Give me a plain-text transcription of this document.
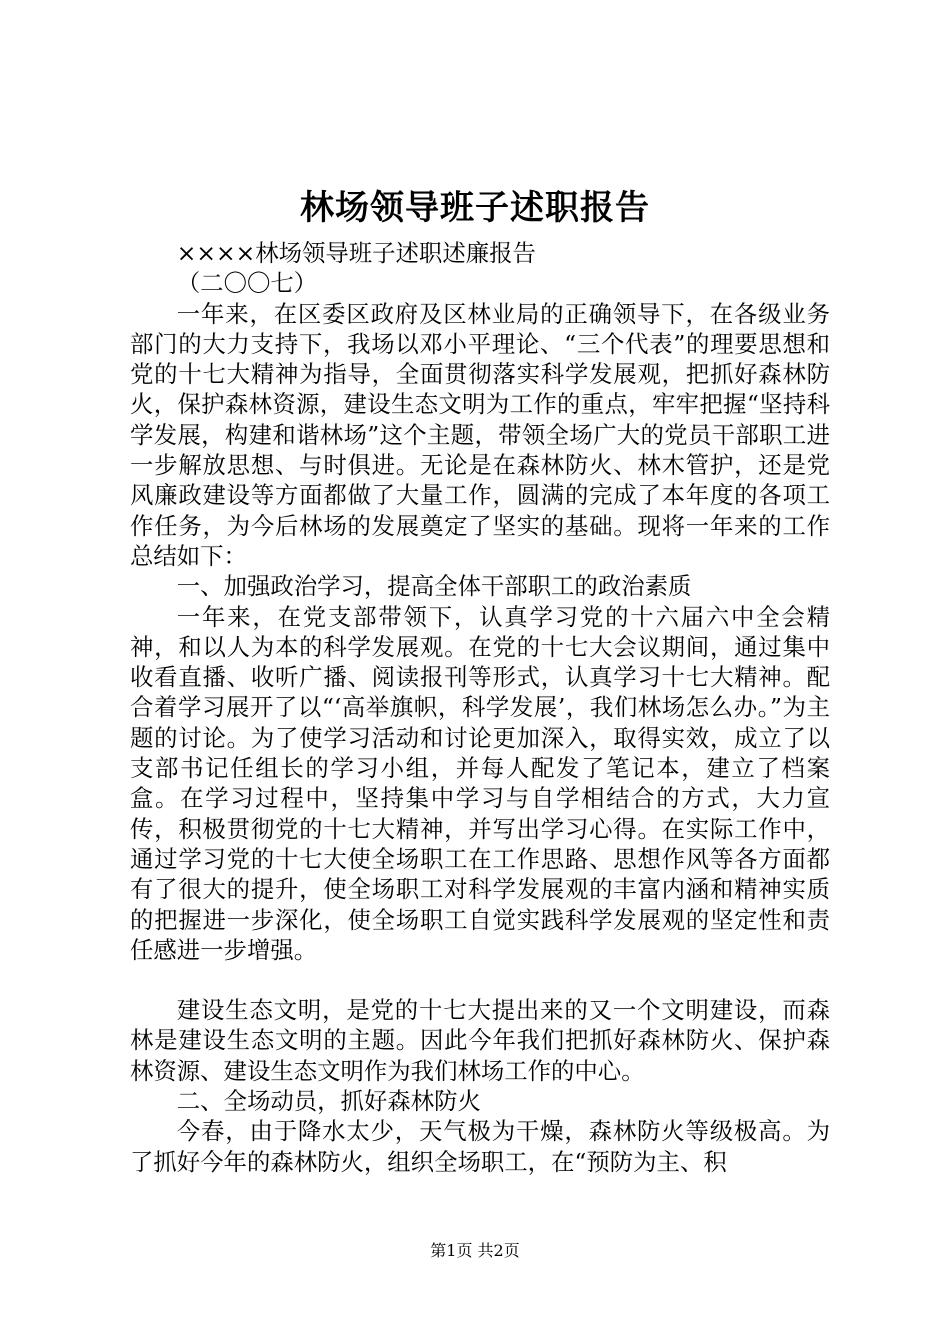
林场领导班子述职报告

××××林场领导班子述职述廉报告

（二〇〇七）

一年来，在区委区政府及区林业局的正确领导下，在各级业务部门的大力支持下，我场以邓小平理论、“三个代表”的理要思想和党的十七大精神为指导，全面贯彻落实科学发展观，把抓好森林防火，保护森林资源，建设生态文明为工作的重点，牢牢把握“坚持科学发展，构建和谐林场”这个主题，带领全场广大的党员干部职工进一步解放思想、与时俱进。无论是在森林防火、林木管护，还是党风廉政建设等方面都做了大量工作，圆满的完成了本年度的各项工作任务，为今后林场的发展奠定了坚实的基础。现将一年来的工作总结如下：

一、加强政治学习，提高全体干部职工的政治素质

一年来，在党支部带领下，认真学习党的十六届六中全会精神，和以人为本的科学发展观。在党的十七大会议期间，通过集中收看直播、收听广播、阅读报刊等形式，认真学习十七大精神。配合着学习展开了以“‘高举旗帜，科学发展’，我们林场怎么办。”为主题的讨论。为了使学习活动和讨论更加深入，取得实效，成立了以支部书记任组长的学习小组，并每人配发了笔记本，建立了档案盒。在学习过程中，坚持集中学习与自学相结合的方式，大力宣传，积极贯彻党的十七大精神，并写出学习心得。在实际工作中，通过学习党的十七大使全场职工在工作思路、思想作风等各方面都有了很大的提升，使全场职工对科学发展观的丰富内涵和精神实质的把握进一步深化，使全场职工自觉实践科学发展观的坚定性和责任感进一步增强。

建设生态文明，是党的十七大提出来的又一个文明建设，而森林是建设生态文明的主题。因此今年我们把抓好森林防火、保护森林资源、建设生态文明作为我们林场工作的中心。

二、全场动员，抓好森林防火

今春，由于降水太少，天气极为干燥，森林防火等级极高。为了抓好今年的森林防火，组织全场职工，在“预防为主、积

第1页 共2页
